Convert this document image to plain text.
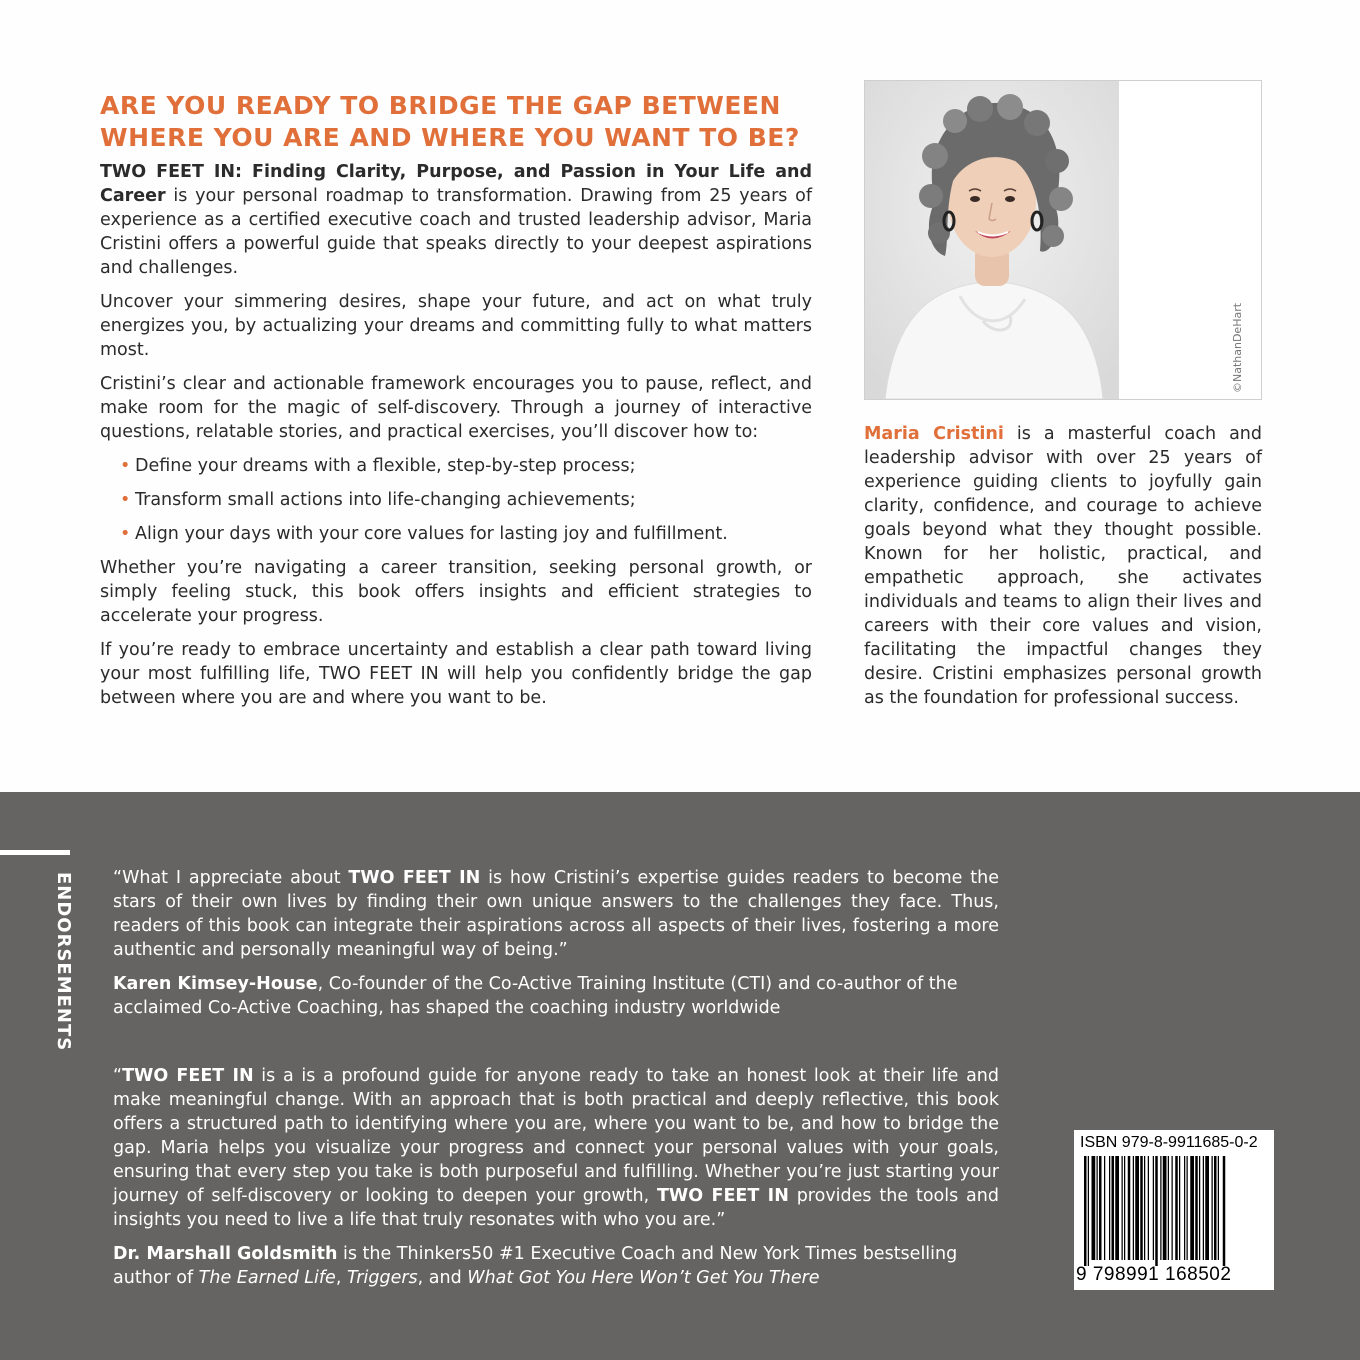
ARE YOU READY TO BRIDGE THE GAP BETWEEN
WHERE YOU ARE AND WHERE YOU WANT TO BE?

TWO FEET IN: Finding Clarity, Purpose, and Passion in Your Life and Career is your personal roadmap to transformation. Drawing from 25 years of experience as a certified executive coach and trusted leadership advisor, Maria Cristini offers a powerful guide that speaks directly to your deepest aspirations and challenges.

Uncover your simmering desires, shape your future, and act on what truly energizes you, by actualizing your dreams and committing fully to what matters most.

Cristini’s clear and actionable framework encourages you to pause, reflect, and make room for the magic of self-discovery. Through a journey of interactive questions, relatable stories, and practical exercises, you’ll discover how to:

• Define your dreams with a flexible, step-by-step process;
• Transform small actions into life-changing achievements;
• Align your days with your core values for lasting joy and fulfillment.

Whether you’re navigating a career transition, seeking personal growth, or simply feeling stuck, this book offers insights and efficient strategies to accelerate your progress.

If you’re ready to embrace uncertainty and establish a clear path toward living your most fulfilling life, TWO FEET IN will help you confidently bridge the gap between where you are and where you want to be.

©NathanDeHart

Maria Cristini is a masterful coach and leadership advisor with over 25 years of experience guiding clients to joyfully gain clarity, confidence, and courage to achieve goals beyond what they thought possible. Known for her holistic, practical, and empathetic approach, she activates individuals and teams to align their lives and careers with their core values and vision, facilitating the impactful changes they desire. Cristini emphasizes personal growth as the foundation for professional success.

ENDORSEMENTS “What I appreciate about TWO FEET IN is how Cristini’s expertise guides readers to become the stars of their own lives by finding their own unique answers to the challenges they face. Thus, readers of this book can integrate their aspirations across all aspects of their lives, fostering a more authentic and personally meaningful way of being.”

Karen Kimsey-House, Co-founder of the Co-Active Training Institute (CTI) and co-author of the acclaimed Co-Active Coaching, has shaped the coaching industry worldwide

“TWO FEET IN is a is a profound guide for anyone ready to take an honest look at their life and make meaningful change. With an approach that is both practical and deeply reflective, this book offers a structured path to identifying where you are, where you want to be, and how to bridge the gap. Maria helps you visualize your progress and connect your personal values with your goals, ensuring that every step you take is both purposeful and fulfilling. Whether you’re just starting your journey of self-discovery or looking to deepen your growth, TWO FEET IN provides the tools and insights you need to live a life that truly resonates with who you are.”

Dr. Marshall Goldsmith is the Thinkers50 #1 Executive Coach and New York Times bestselling author of The Earned Life, Triggers, and What Got You Here Won’t Get You There

ISBN 979-8-9911685-0-2
9 798991 168502
